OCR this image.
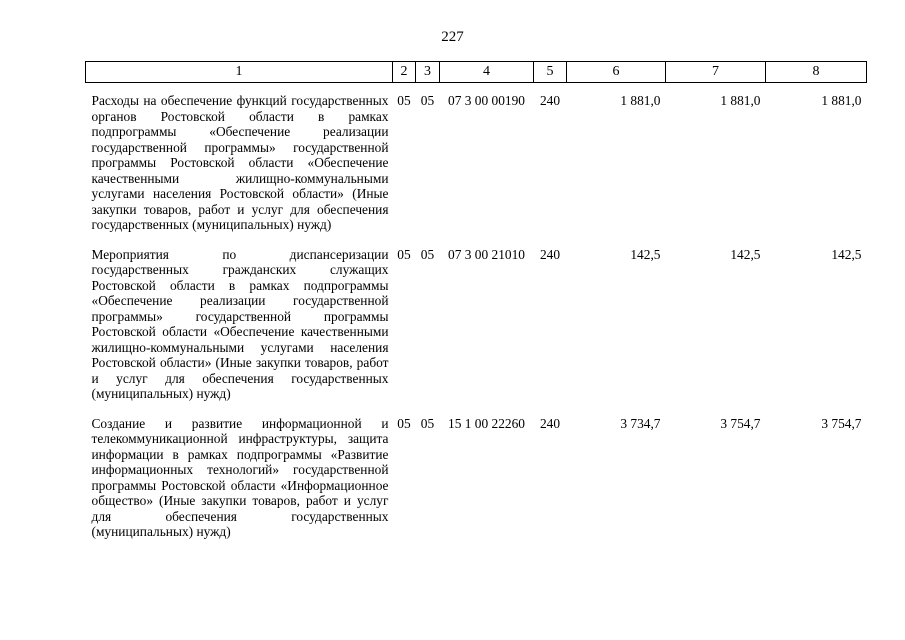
227
1	2	3	4	5	6	7	8
Расходы на обеспечение функций государственных органов Ростовской области в рамках подпрограммы «Обеспечение реализации государственной программы» государственной программы Ростовской области «Обеспечение качественными жилищно-коммунальными услугами населения Ростовской области» (Иные закупки товаров, работ и услуг для обеспечения государственных (муниципальных) нужд)	05	05	07 3 00 00190	240	1 881,0	1 881,0	1 881,0
Мероприятия по диспансеризации государственных гражданских служащих Ростовской области в рамках подпрограммы «Обеспечение реализации государственной программы» государственной программы Ростовской области «Обеспечение качественными жилищно-коммунальными услугами населения Ростовской области» (Иные закупки товаров, работ и услуг для обеспечения государственных (муниципальных) нужд)	05	05	07 3 00 21010	240	142,5	142,5	142,5
Создание и развитие информационной и телекоммуникационной инфраструктуры, защита информации в рамках подпрограммы «Развитие информационных технологий» государственной программы Ростовской области «Информационное общество» (Иные закупки товаров, работ и услуг для обеспечения государственных (муниципальных) нужд)	05	05	15 1 00 22260	240	3 734,7	3 754,7	3 754,7
